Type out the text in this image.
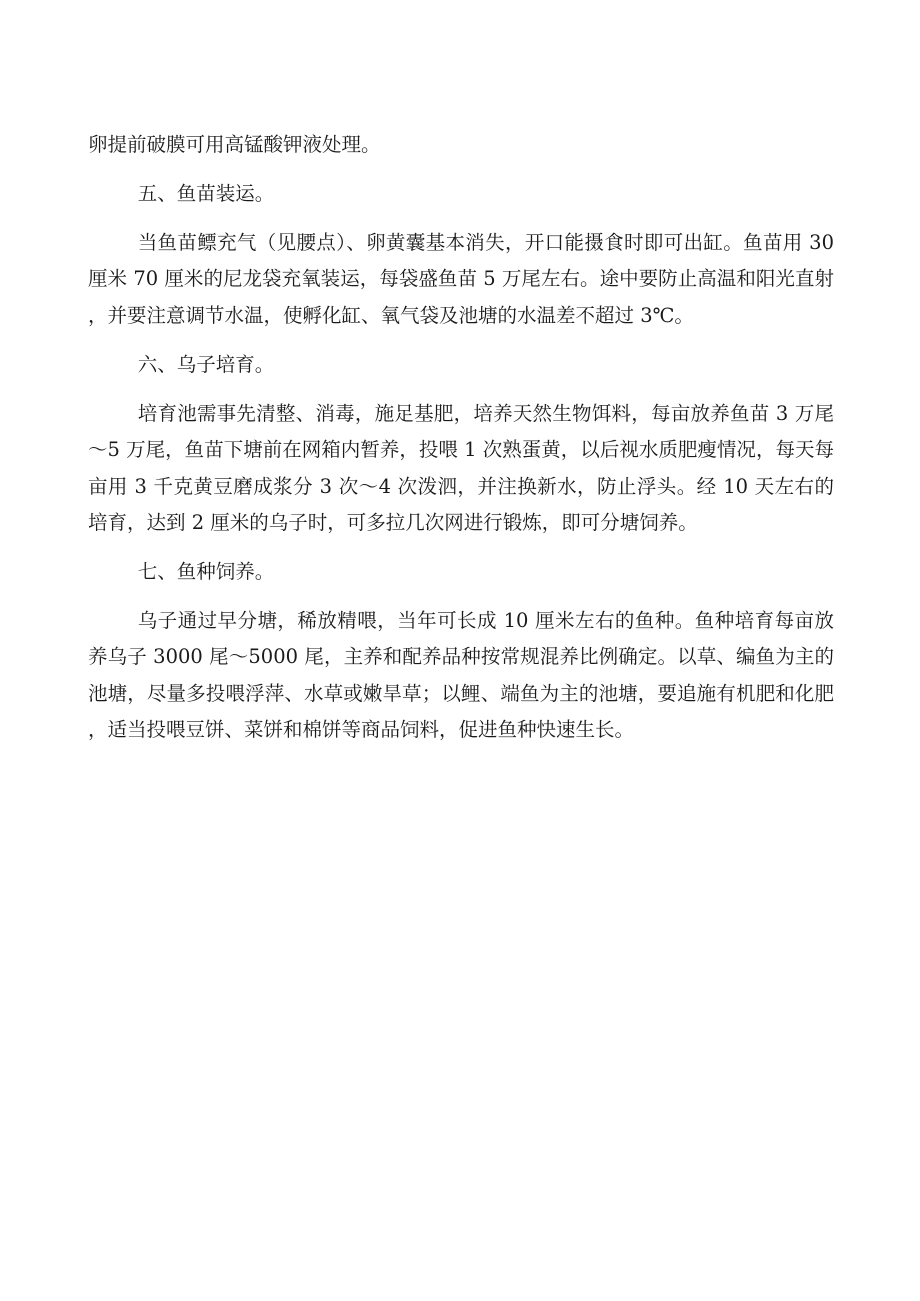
卵提前破膜可用高锰酸钾液处理。

五、鱼苗装运。

当鱼苗鳔充气（见腰点）、卵黄囊基本消失，开口能摄食时即可出缸。鱼苗用 30 厘米 70 厘米的尼龙袋充氧装运，每袋盛鱼苗 5 万尾左右。途中要防止高温和阳光直射，并要注意调节水温，使孵化缸、氧气袋及池塘的水温差不超过 3℃。

六、乌子培育。

培育池需事先清整、消毒，施足基肥，培养天然生物饵料，每亩放养鱼苗 3 万尾～5 万尾，鱼苗下塘前在网箱内暂养，投喂 1 次熟蛋黄，以后视水质肥瘦情况，每天每亩用 3 千克黄豆磨成浆分 3 次～4 次泼泗，并注换新水，防止浮头。经 10 天左右的培育，达到 2 厘米的乌子时，可多拉几次网进行锻炼，即可分塘饲养。

七、鱼种饲养。

乌子通过早分塘，稀放精喂，当年可长成 10 厘米左右的鱼种。鱼种培育每亩放养乌子 3000 尾～5000 尾，主养和配养品种按常规混养比例确定。以草、编鱼为主的池塘，尽量多投喂浮萍、水草或嫩旱草；以鲤、端鱼为主的池塘，要追施有机肥和化肥，适当投喂豆饼、菜饼和棉饼等商品饲料，促进鱼种快速生长。
